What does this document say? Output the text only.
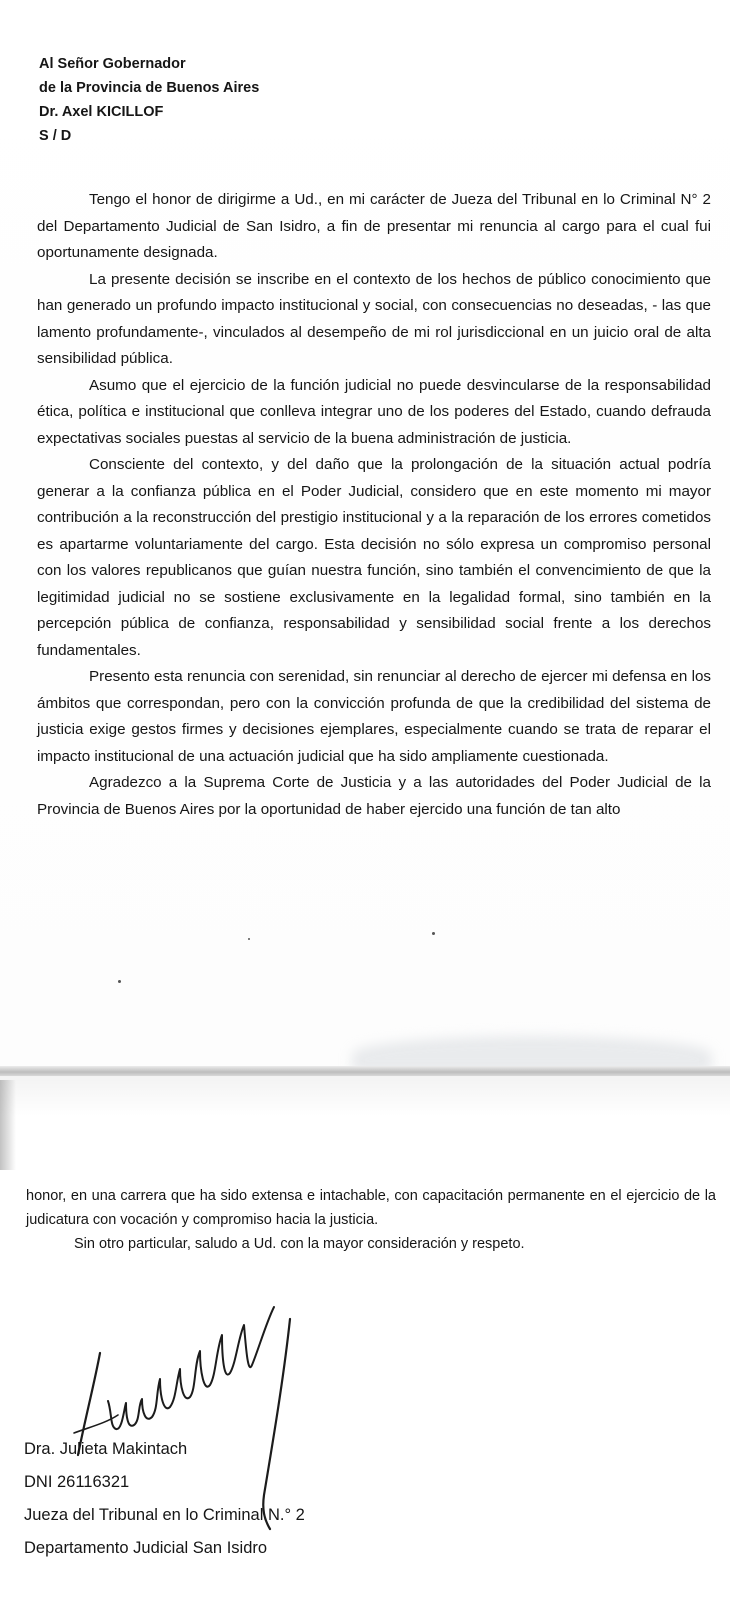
Al Señor Gobernador
de la Provincia de Buenos Aires
Dr. Axel KICILLOF
S / D

Tengo el honor de dirigirme a Ud., en mi carácter de Jueza del Tribunal en lo Criminal N° 2 del Departamento Judicial de San Isidro, a fin de presentar mi renuncia al cargo para el cual fui oportunamente designada.

La presente decisión se inscribe en el contexto de los hechos de público conocimiento que han generado un profundo impacto institucional y social, con consecuencias no deseadas, - las que lamento profundamente-, vinculados al desempeño de mi rol jurisdiccional en un juicio oral de alta sensibilidad pública.

Asumo que el ejercicio de la función judicial no puede desvincularse de la responsabilidad ética, política e institucional que conlleva integrar uno de los poderes del Estado, cuando defrauda expectativas sociales puestas al servicio de la buena administración de justicia.

Consciente del contexto, y del daño que la prolongación de la situación actual podría generar a la confianza pública en el Poder Judicial, considero que en este momento mi mayor contribución a la reconstrucción del prestigio institucional y a la reparación de los errores cometidos es apartarme voluntariamente del cargo. Esta decisión no sólo expresa un compromiso personal con los valores republicanos que guían nuestra función, sino también el convencimiento de que la legitimidad judicial no se sostiene exclusivamente en la legalidad formal, sino también en la percepción pública de confianza, responsabilidad y sensibilidad social frente a los derechos fundamentales.

Presento esta renuncia con serenidad, sin renunciar al derecho de ejercer mi defensa en los ámbitos que correspondan, pero con la convicción profunda de que la credibilidad del sistema de justicia exige gestos firmes y decisiones ejemplares, especialmente cuando se trata de reparar el impacto institucional de una actuación judicial que ha sido ampliamente cuestionada.

Agradezco a la Suprema Corte de Justicia y a las autoridades del Poder Judicial de la Provincia de Buenos Aires por la oportunidad de haber ejercido una función de tan alto

honor, en una carrera que ha sido extensa e intachable, con capacitación permanente en el ejercicio de la judicatura con vocación y compromiso hacia la justicia.

Sin otro particular, saludo a Ud. con la mayor consideración y respeto.

Dra. Julieta Makintach
DNI 26116321
Jueza del Tribunal en lo Criminal N.° 2
Departamento Judicial San Isidro
